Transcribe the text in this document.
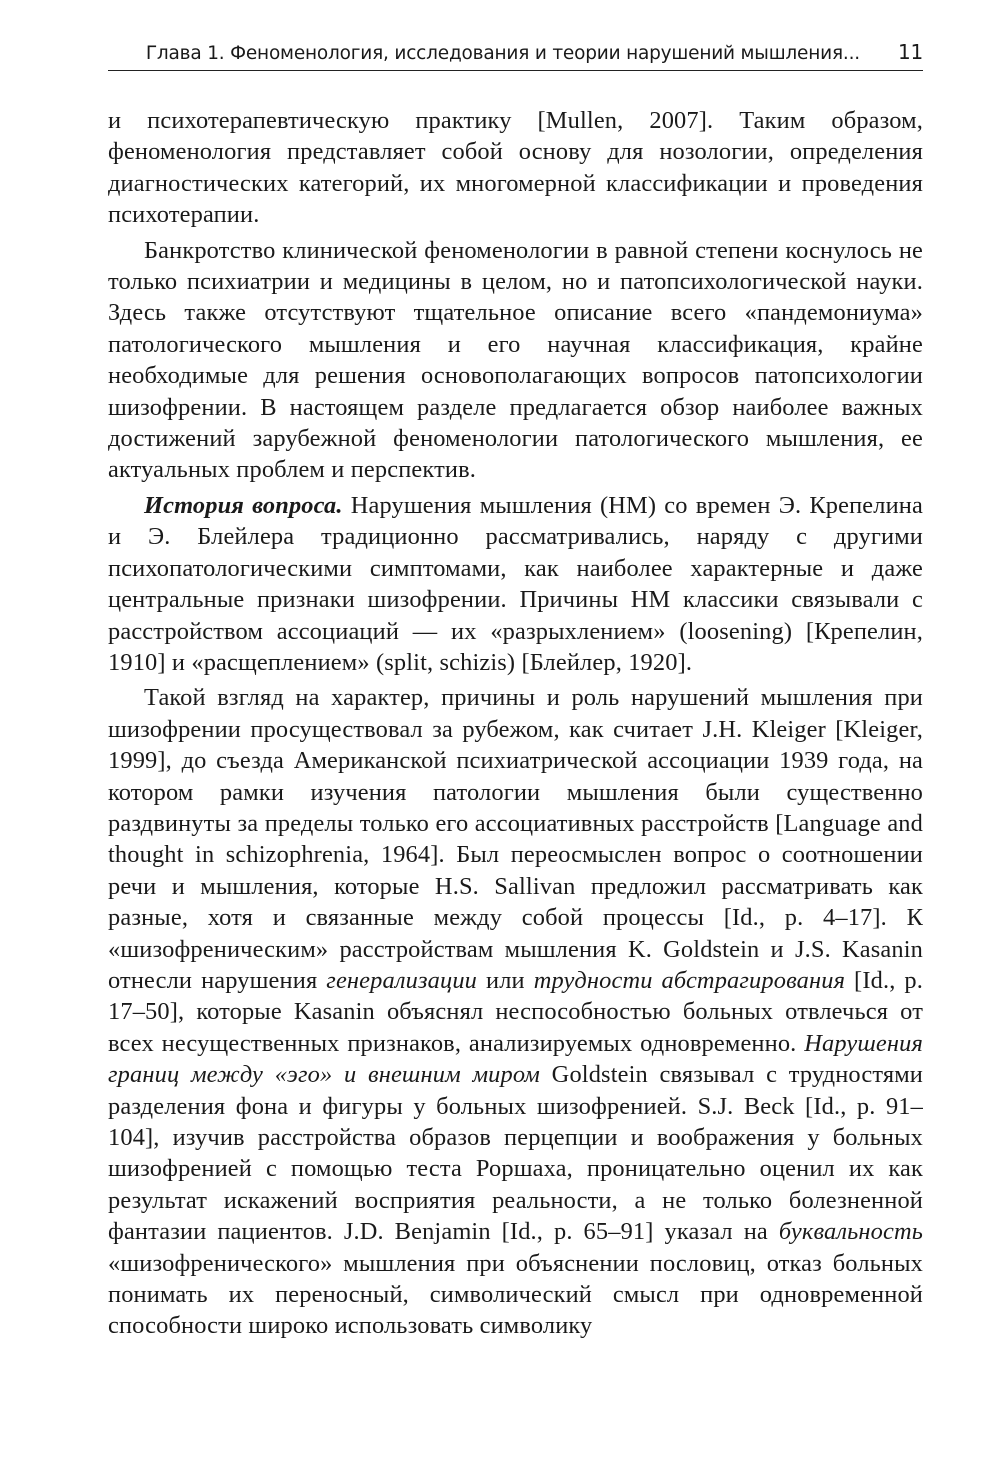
Глава 1. Феноменология, исследования и теории нарушений мышления... 11

и психотерапевтическую практику [Mullen, 2007]. Таким образом, феноменология представляет собой основу для нозологии, определения диагностических категорий, их многомерной классификации и проведения психотерапии.

Банкротство клинической феноменологии в равной степени коснулось не только психиатрии и медицины в целом, но и патопсихологической науки. Здесь также отсутствуют тщательное описание всего «пандемониума» патологического мышления и его научная классификация, крайне необходимые для решения основополагающих вопросов патопсихологии шизофрении. В настоящем разделе предлагается обзор наиболее важных достижений зарубежной феноменологии патологического мышления, ее актуальных проблем и перспектив.

История вопроса. Нарушения мышления (НМ) со времен Э. Крепелина и Э. Блейлера традиционно рассматривались, наряду с другими психопатологическими симптомами, как наиболее характерные и даже центральные признаки шизофрении. Причины НМ классики связывали с расстройством ассоциаций — их «разрыхлением» (loosening) [Крепелин, 1910] и «расщеплением» (split, schizis) [Блейлер, 1920].

Такой взгляд на характер, причины и роль нарушений мышления при шизофрении просуществовал за рубежом, как считает J.H. Kleiger [Kleiger, 1999], до съезда Американской психиатрической ассоциации 1939 года, на котором рамки изучения патологии мышления были существенно раздвинуты за пределы только его ассоциативных расстройств [Language and thought in schizophrenia, 1964]. Был переосмыслен вопрос о соотношении речи и мышления, которые H.S. Sallivan предложил рассматривать как разные, хотя и связанные между собой процессы [Id., p. 4–17]. К «шизофреническим» расстройствам мышления K. Goldstein и J.S. Kasanin отнесли нарушения генерализации или трудности абстрагирования [Id., p. 17–50], которые Kasanin объяснял неспособностью больных отвлечься от всех несущественных признаков, анализируемых одновременно. Нарушения границ между «эго» и внешним миром Goldstein связывал с трудностями разделения фона и фигуры у больных шизофренией. S.J. Beck [Id., p. 91–104], изучив расстройства образов перцепции и воображения у больных шизофренией с помощью теста Роршаха, проницательно оценил их как результат искажений восприятия реальности, а не только болезненной фантазии пациентов. J.D. Benjamin [Id., p. 65–91] указал на буквальность «шизофренического» мышления при объяснении пословиц, отказ больных понимать их переносный, символический смысл при одновременной способности широко использовать символику
